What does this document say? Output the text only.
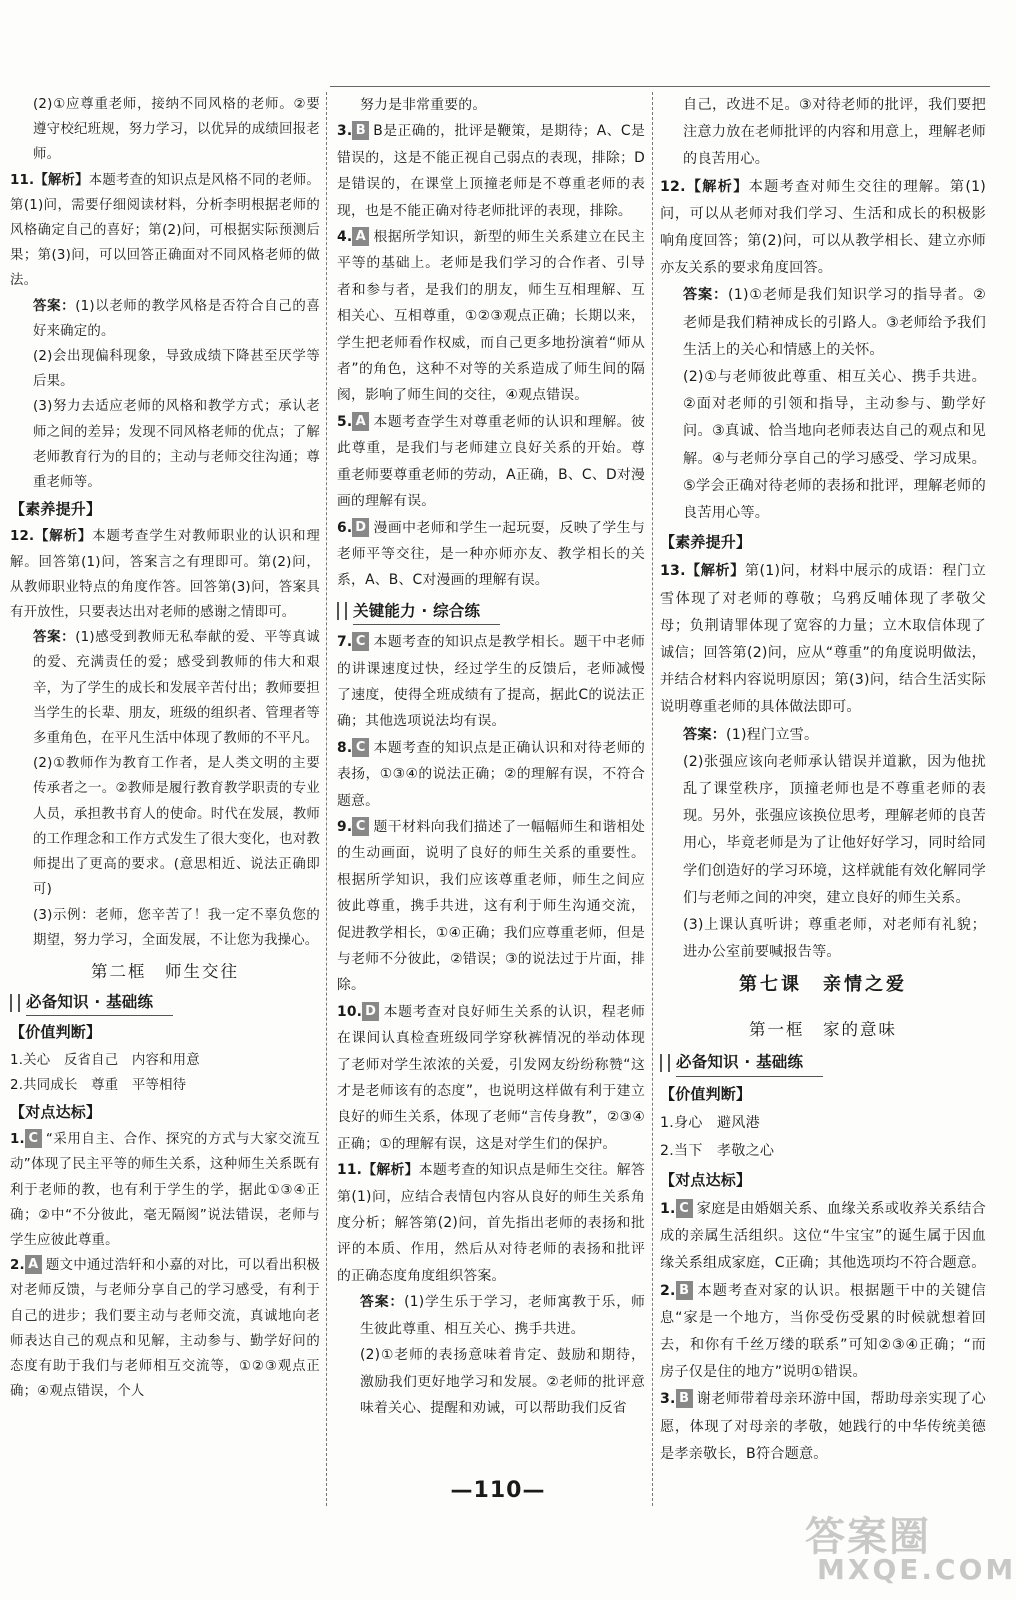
(2)①应尊重老师，接纳不同风格的老师。②要遵守校纪班规，努力学习，以优异的成绩回报老师。

11.【解析】本题考查的知识点是风格不同的老师。第(1)问，需要仔细阅读材料，分析李明根据老师的风格确定自己的喜好；第(2)问，可根据实际预测后果；第(3)问，可以回答正确面对不同风格老师的做法。

答案：(1)以老师的教学风格是否符合自己的喜好来确定的。

(2)会出现偏科现象，导致成绩下降甚至厌学等后果。

(3)努力去适应老师的风格和教学方式；承认老师之间的差异；发现不同风格老师的优点；了解老师教育行为的目的；主动与老师交往沟通；尊重老师等。

【素养提升】

12.【解析】本题考查学生对教师职业的认识和理解。回答第(1)问，答案言之有理即可。第(2)问，从教师职业特点的角度作答。回答第(3)问，答案具有开放性，只要表达出对老师的感谢之情即可。

答案：(1)感受到教师无私奉献的爱、平等真诚的爱、充满责任的爱；感受到教师的伟大和艰辛，为了学生的成长和发展辛苦付出；教师要担当学生的长辈、朋友，班级的组织者、管理者等多重角色，在平凡生活中体现了教师的不平凡。

(2)①教师作为教育工作者，是人类文明的主要传承者之一。②教师是履行教育教学职责的专业人员，承担教书育人的使命。时代在发展，教师的工作理念和工作方式发生了很大变化，也对教师提出了更高的要求。(意思相近、说法正确即可)

(3)示例：老师，您辛苦了！我一定不辜负您的期望，努力学习，全面发展，不让您为我操心。

第二框　师生交往

必备知识 · 基础练

【价值判断】

1.关心　反省自己　内容和用意

2.共同成长　尊重　平等相待

【对点达标】

1. C “采用自主、合作、探究的方式与大家交流互动”体现了民主平等的师生关系，这种师生关系既有利于老师的教，也有利于学生的学，据此①③④正确；②中“不分彼此，毫无隔阂”说法错误，老师与学生应彼此尊重。

2. A 题文中通过浩轩和小嘉的对比，可以看出积极对老师反馈，与老师分享自己的学习感受，有利于自己的进步；我们要主动与老师交流，真诚地向老师表达自己的观点和见解，主动参与、勤学好问的态度有助于我们与老师相互交流等，①②③观点正确；④观点错误，个人

努力是非常重要的。

3. B B是正确的，批评是鞭策，是期待；A、C是错误的，这是不能正视自己弱点的表现，排除；D是错误的，在课堂上顶撞老师是不尊重老师的表现，也是不能正确对待老师批评的表现，排除。

4. A 根据所学知识，新型的师生关系建立在民主平等的基础上。老师是我们学习的合作者、引导者和参与者，是我们的朋友，师生互相理解、互相关心、互相尊重，①②③观点正确；长期以来，学生把老师看作权威，而自己更多地扮演着“师从者”的角色，这种不对等的关系造成了师生间的隔阂，影响了师生间的交往，④观点错误。

5. A 本题考查学生对尊重老师的认识和理解。彼此尊重，是我们与老师建立良好关系的开始。尊重老师要尊重老师的劳动，A正确，B、C、D对漫画的理解有误。

6. D 漫画中老师和学生一起玩耍，反映了学生与老师平等交往，是一种亦师亦友、教学相长的关系，A、B、C对漫画的理解有误。

关键能力 · 综合练

7. C 本题考查的知识点是教学相长。题干中老师的讲课速度过快，经过学生的反馈后，老师减慢了速度，使得全班成绩有了提高，据此C的说法正确；其他选项说法均有误。

8. C 本题考查的知识点是正确认识和对待老师的表扬，①③④的说法正确；②的理解有误，不符合题意。

9. C 题干材料向我们描述了一幅幅师生和谐相处的生动画面，说明了良好的师生关系的重要性。根据所学知识，我们应该尊重老师，师生之间应彼此尊重，携手共进，这有利于师生沟通交流，促进教学相长，①④正确；我们应尊重老师，但是与老师不分彼此，②错误；③的说法过于片面，排除。

10. D 本题考查对良好师生关系的认识，程老师在课间认真检查班级同学穿秋裤情况的举动体现了老师对学生浓浓的关爱，引发网友纷纷称赞“这才是老师该有的态度”，也说明这样做有利于建立良好的师生关系，体现了老师“言传身教”，②③④正确；①的理解有误，这是对学生们的保护。

11.【解析】本题考查的知识点是师生交往。解答第(1)问，应结合表情包内容从良好的师生关系角度分析；解答第(2)问，首先指出老师的表扬和批评的本质、作用，然后从对待老师的表扬和批评的正确态度角度组织答案。

答案：(1)学生乐于学习，老师寓教于乐，师生彼此尊重、相互关心、携手共进。

(2)①老师的表扬意味着肯定、鼓励和期待，激励我们更好地学习和发展。②老师的批评意味着关心、提醒和劝诫，可以帮助我们反省

自己，改进不足。③对待老师的批评，我们要把注意力放在老师批评的内容和用意上，理解老师的良苦用心。

12.【解析】本题考查对师生交往的理解。第(1)问，可以从老师对我们学习、生活和成长的积极影响角度回答；第(2)问，可以从教学相长、建立亦师亦友关系的要求角度回答。

答案：(1)①老师是我们知识学习的指导者。②老师是我们精神成长的引路人。③老师给予我们生活上的关心和情感上的关怀。

(2)①与老师彼此尊重、相互关心、携手共进。②面对老师的引领和指导，主动参与、勤学好问。③真诚、恰当地向老师表达自己的观点和见解。④与老师分享自己的学习感受、学习成果。⑤学会正确对待老师的表扬和批评，理解老师的良苦用心等。

【素养提升】

13.【解析】第(1)问，材料中展示的成语：程门立雪体现了对老师的尊敬；乌鸦反哺体现了孝敬父母；负荆请罪体现了宽容的力量；立木取信体现了诚信；回答第(2)问，应从“尊重”的角度说明做法，并结合材料内容说明原因；第(3)问，结合生活实际说明尊重老师的具体做法即可。

答案：(1)程门立雪。

(2)张强应该向老师承认错误并道歉，因为他扰乱了课堂秩序，顶撞老师也是不尊重老师的表现。另外，张强应该换位思考，理解老师的良苦用心，毕竟老师是为了让他好好学习，同时给同学们创造好的学习环境，这样就能有效化解同学们与老师之间的冲突，建立良好的师生关系。

(3)上课认真听讲；尊重老师，对老师有礼貌；进办公室前要喊报告等。

第七课　亲情之爱

第一框　家的意味

必备知识 · 基础练

【价值判断】

1.身心　避风港

2.当下　孝敬之心

【对点达标】

1. C 家庭是由婚姻关系、血缘关系或收养关系结合成的亲属生活组织。这位“牛宝宝”的诞生属于因血缘关系组成家庭，C正确；其他选项均不符合题意。

2. B 本题考查对家的认识。根据题干中的关键信息“家是一个地方，当你受伤受累的时候就想着回去，和你有千丝万缕的联系”可知②③④正确；“而房子仅是住的地方”说明①错误。

3. B 谢老师带着母亲环游中国，帮助母亲实现了心愿，体现了对母亲的孝敬，她践行的中华传统美德是孝亲敬长，B符合题意。

—110—
答案圈
MXQE.COM
